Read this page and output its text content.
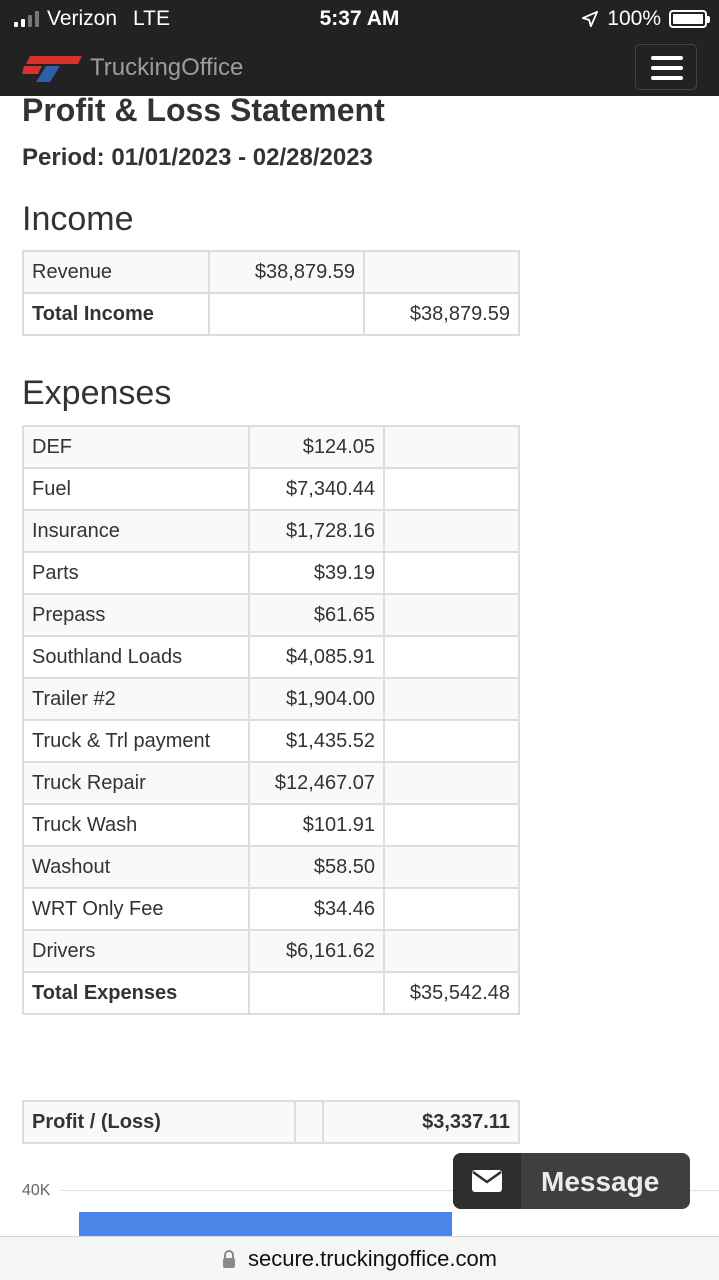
Verizon LTE	5:37 AM	100%
TruckingOffice
Profit & Loss Statement
Period: 01/01/2023 - 02/28/2023
Income
Revenue	$38,879.59	
Total Income		$38,879.59
Expenses
DEF	$124.05	
Fuel	$7,340.44	
Insurance	$1,728.16	
Parts	$39.19	
Prepass	$61.65	
Southland Loads	$4,085.91	
Trailer #2	$1,904.00	
Truck & Trl payment	$1,435.52	
Truck Repair	$12,467.07	
Truck Wash	$101.91	
Washout	$58.50	
WRT Only Fee	$34.46	
Drivers	$6,161.62	
Total Expenses		$35,542.48
Profit / (Loss)		$3,337.11
40K	Message
secure.truckingoffice.com
